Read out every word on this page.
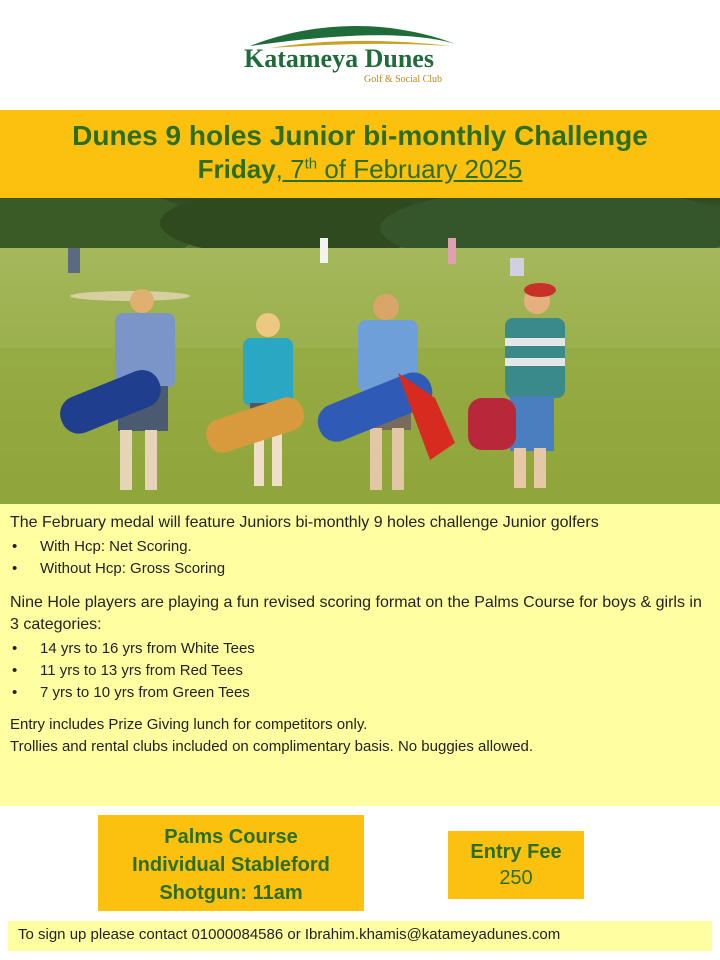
Katameya Dunes
Golf & Social Club
Dunes 9 holes Junior bi-monthly Challenge
Friday, 7th of February 2025

The February medal will feature Juniors bi-monthly 9 holes challenge Junior golfers

• With Hcp: Net Scoring.
• Without Hcp: Gross Scoring

Nine Hole players are playing a fun revised scoring format on the Palms Course for boys & girls in 3 categories:

• 14 yrs to 16 yrs from White Tees
• 11 yrs to 13 yrs from Red Tees
• 7 yrs to 10 yrs from Green Tees
Entry includes Prize Giving lunch for competitors only.
Trollies and rental clubs included on complimentary basis. No buggies allowed.
Palms Course
Individual Stableford
Shotgun: 11am
Entry Fee
250
To sign up please contact 01000084586 or Ibrahim.khamis@katameyadunes.com
